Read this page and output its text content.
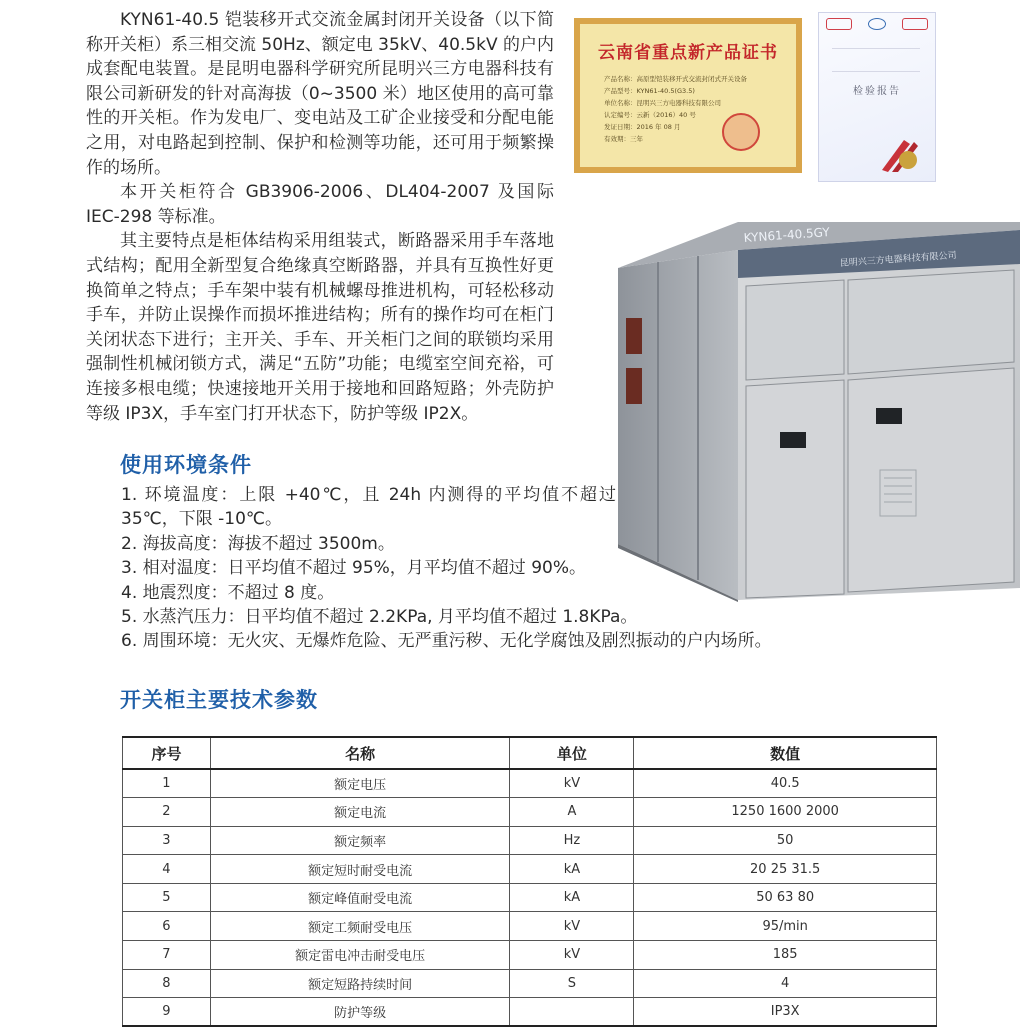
KYN61-40.5 铠装移开式交流金属封闭开关设备（以下简称开关柜）系三相交流 50Hz、额定电 35kV、40.5kV 的户内成套配电装置。是昆明电器科学研究所昆明兴三方电器科技有限公司新研发的针对高海拔（0~3500 米）地区使用的高可靠性的开关柜。作为发电厂、变电站及工矿企业接受和分配电能之用，对电路起到控制、保护和检测等功能，还可用于频繁操作的场所。

本开关柜符合 GB3906-2006、DL404-2007 及国际 IEC-298 等标准。

其主要特点是柜体结构采用组装式，断路器采用手车落地式结构；配用全新型复合绝缘真空断路器，并具有互换性好更换简单之特点；手车架中装有机械螺母推进机构，可轻松移动手车，并防止误操作而损坏推进结构；所有的操作均可在柜门关闭状态下进行；主开关、手车、开关柜门之间的联锁均采用强制性机械闭锁方式，满足“五防”功能；电缆室空间充裕，可连接多根电缆；快速接地开关用于接地和回路短路；外壳防护等级 IP3X，手车室门打开状态下，防护等级 IP2X。

云南省重点新产品证书
产品名称：高原型铠装移开式交流封闭式开关设备
产品型号：KYN61-40.5(G3.5)
单位名称：昆明兴三方电器科技有限公司
认定编号：云新（2016）40 号
发证日期：2016 年 08 月
有效期：三年
检验报告
KYN61-40.5GY
昆明兴三方电器科技有限公司
使用环境条件
1. 环境温度：上限 +40℃，且 24h 内测得的平均值不超过 35℃，下限 -10℃。
2. 海拔高度：海拔不超过 3500m。
3. 相对温度：日平均值不超过 95%，月平均值不超过 90%。
4. 地震烈度：不超过 8 度。
5. 水蒸汽压力：日平均值不超过 2.2KPa, 月平均值不超过 1.8KPa。
6. 周围环境：无火灾、无爆炸危险、无严重污秽、无化学腐蚀及剧烈振动的户内场所。
开关柜主要技术参数
序号	名称	单位	数值
1	额定电压	kV	40.5
2	额定电流	A	1250 1600 2000
3	额定频率	Hz	50
4	额定短时耐受电流	kA	20 25 31.5
5	额定峰值耐受电流	kA	50 63 80
6	额定工频耐受电压	kV	95/min
7	额定雷电冲击耐受电压	kV	185
8	额定短路持续时间	S	4
9	防护等级		IP3X
